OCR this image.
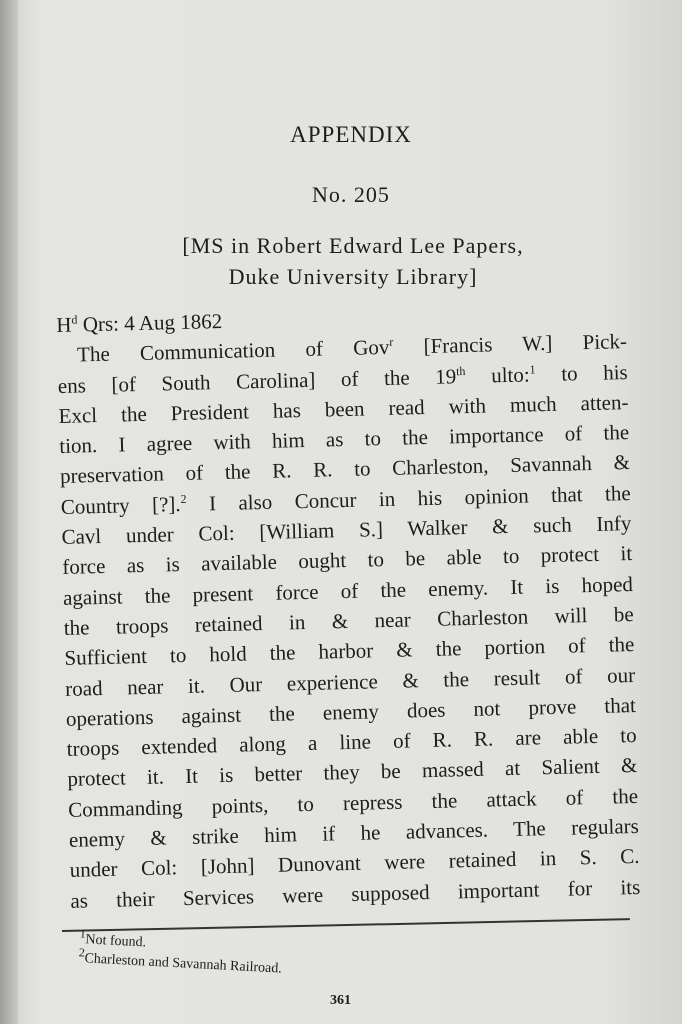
APPENDIX
No. 205
[MS in Robert Edward Lee Papers,
Duke University Library]
$H^d$ Qrs: 4 Aug 1862
The Communication of Gov$^r$ [Francis W.] Pick-
ens [of South Carolina] of the 19th ulto:$^1$ to his
Excl the President has been read with much atten-
tion. I agree with him as to the importance of the
preservation of the R. R. to Charleston, Savannah &
Country [?].$^2$ I also Concur in his opinion that the
Cavl under Col: [William S.] Walker & such Infy
force as is available ought to be able to protect it
against the present force of the enemy. It is hoped
the troops retained in & near Charleston will be
Sufficient to hold the harbor & the portion of the
road near it. Our experience & the result of our
operations against the enemy does not prove that
troops extended along a line of R. R. are able to
protect it. It is better they be massed at Salient &
Commanding points, to repress the attack of the
enemy & strike him if he advances. The regulars
under Col: [John] Dunovant were retained in S. C.
as their Services were supposed important for its
$^1$Not found.
$^2$Charleston and Savannah Railroad.
361
